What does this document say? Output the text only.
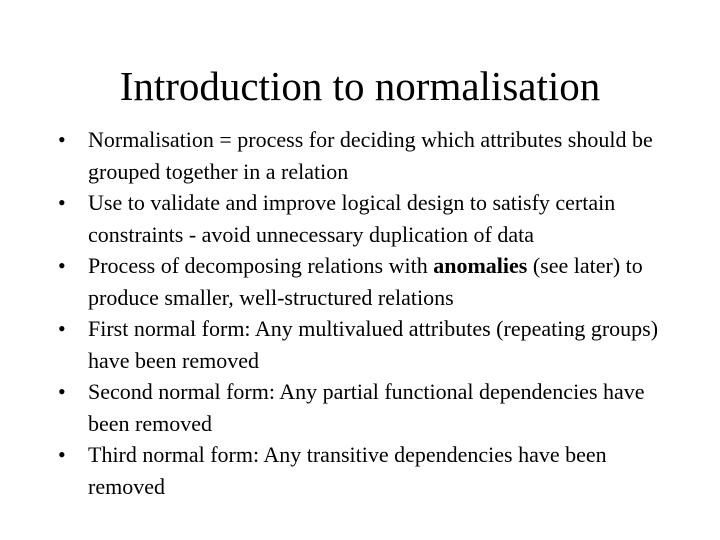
Introduction to normalisation
•	Normalisation = process for deciding which attributes should be grouped together in a relation
•	Use to validate and improve logical design to satisfy certain constraints - avoid unnecessary duplication of data
•	Process of decomposing relations with anomalies (see later) to produce smaller, well-structured relations
•	First normal form: Any multivalued attributes (repeating groups) have been removed
•	Second normal form: Any partial functional dependencies have been removed
•	Third normal form: Any transitive dependencies have been removed
